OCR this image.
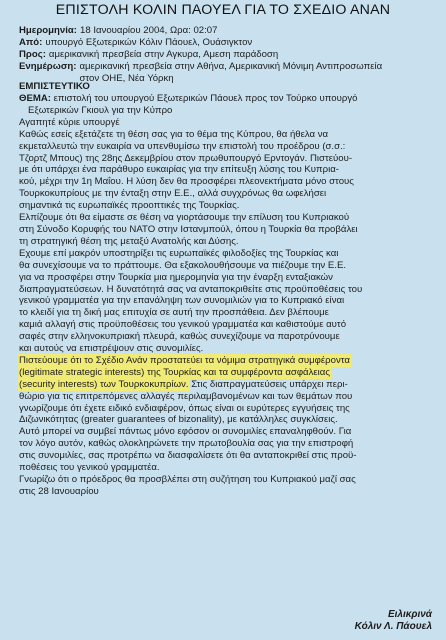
ΕΠΙΣΤΟΛΗ ΚΟΛΙΝ ΠΑΟΥΕΛ ΓΙΑ ΤΟ ΣΧΕΔΙΟ ΑΝΑΝ
Ημερομηνία: 18 Ιανουαρίου 2004, Ωρα: 02:07
Από: υπουργό Εξωτερικών Κόλιν Πάουελ, Ουάσιγκτον
Προς: αμερικανική πρεσβεία στην Αγκυρα, Αμεση παράδοση
Ενημέρωση: αμερικανική πρεσβεία στην Αθήνα, Αμερικανική Μόνιμη Αντιπροσωπεία
στον ΟΗΕ, Νέα Υόρκη
ΕΜΠΙΣΤΕΥΤΙΚΟ
ΘΕΜΑ: επιστολή του υπουργού Εξωτερικών Πάουελ προς τον Τούρκο υπουργό
Εξωτερικών Γκιουλ για την Κύπρο
Αγαπητέ κύριε υπουργέ
Καθώς εσείς εξετάζετε τη θέση σας για το θέμα της Κύπρου, θα ήθελα να
εκμεταλλευτώ την ευκαιρία να υπενθυμίσω την επιστολή του προέδρου (σ.σ.:
Τζορτζ Μπους) της 28ης Δεκεμβρίου στον πρωθυπουργό Ερντογάν. Πιστεύου-
με ότι υπάρχει ένα παράθυρο ευκαιρίας για την επίτευξη λύσης του Κυπρια-
κού, μέχρι την 1η Μαΐου. Η λύση δεν θα προσφέρει πλεονεκτήματα μόνο στους
Τουρκοκυπρίους με την ένταξη στην Ε.Ε., αλλά συγχρόνως θα ωφελήσει
σημαντικά τις ευρωπαϊκές προοπτικές της Τουρκίας.
Ελπίζουμε ότι θα είμαστε σε θέση να γιορτάσουμε την επίλυση του Κυπριακού
στη Σύνοδο Κορυφής του ΝΑΤΟ στην Ιστανμπούλ, όπου η Τουρκία θα προβάλει
τη στρατηγική θέση της μεταξύ Ανατολής και Δύσης.
Εχουμε επί μακρόν υποστηρίξει τις ευρωπαϊκές φιλοδοξίες της Τουρκίας και
θα συνεχίσουμε να το πράττουμε. Θα εξακολουθήσουμε να πιέζουμε την Ε.Ε.
για να προσφέρει στην Τουρκία μια ημερομηνία για την έναρξη ενταξιακών
διαπραγματεύσεων. Η δυνατότητά σας να ανταποκριθείτε στις προϋποθέσεις του
γενικού γραμματέα για την επανάληψη των συνομιλιών για το Κυπριακό είναι
το κλειδί για τη δική μας επιτυχία σε αυτή την προσπάθεια. Δεν βλέπουμε
καμιά αλλαγή στις προϋποθέσεις του γενικού γραμματέα και καθιστούμε αυτό
σαφές στην ελληνοκυπριακή πλευρά, καθώς συνεχίζουμε να παροτρύνουμε
και αυτούς να επιστρέψουν στις συνομιλίες.
Πιστεύουμε ότι το Σχέδιο Ανάν προστατεύει τα νόμιμα στρατηγικά συμφέροντα
(legitimate strategic interests) της Τουρκίας και τα συμφέροντα ασφάλειας
(security interests) των Τουρκοκυπρίων. Στις διαπραγματεύσεις υπάρχει περι-
θώριο για τις επιτρεπόμενες αλλαγές περιλαμβανομένων και των θεμάτων που
γνωρίζουμε ότι έχετε ειδικό ενδιαφέρον, όπως είναι οι ευρύτερες εγγυήσεις της
Διζωνικότητας (greater guarantees of bizonality), με κατάλληλες συγκλίσεις.
Αυτό μπορεί να συμβεί πάντως μόνο εφόσον οι συνομιλίες επαναληφθούν. Για
τον λόγο αυτόν, καθώς ολοκληρώνετε την πρωτοβουλία σας για την επιστροφή
στις συνομιλίες, σας προτρέπω να διασφαλίσετε ότι θα ανταποκριθεί στις προϋ-
ποθέσεις του γενικού γραμματέα.
Γνωρίζω ότι ο πρόεδρος θα προσβλέπει στη συζήτηση του Κυπριακού μαζί σας
στις 28 Ιανουαρίου
Ειλικρινά
Κόλιν Λ. Πάουελ
